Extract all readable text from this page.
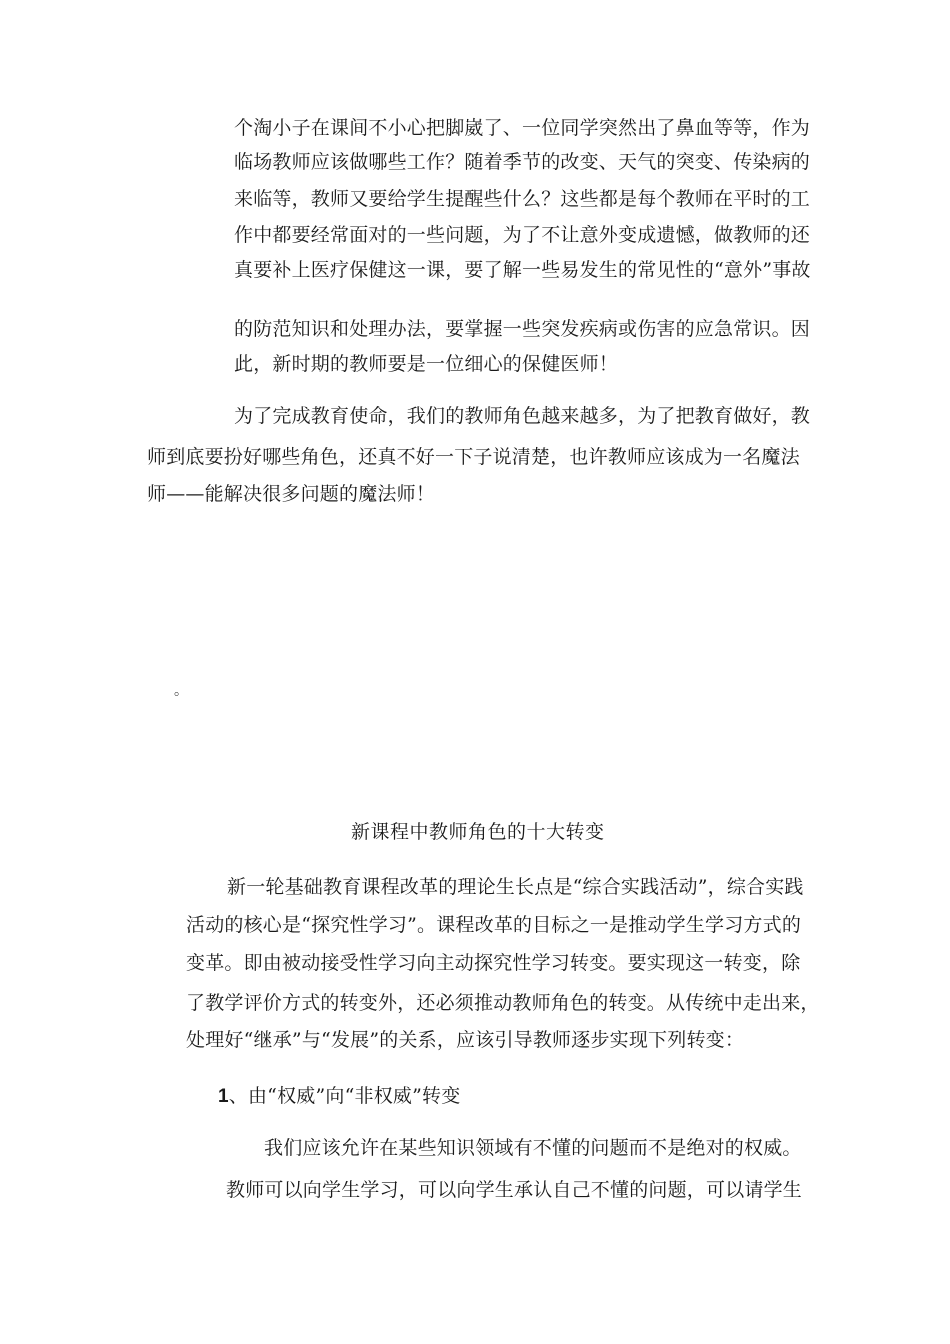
个淘小子在课间不小心把脚崴了、一位同学突然出了鼻血等等，作为
临场教师应该做哪些工作？随着季节的改变、天气的突变、传染病的
来临等，教师又要给学生提醒些什么？这些都是每个教师在平时的工
作中都要经常面对的一些问题，为了不让意外变成遗憾，做教师的还
真要补上医疗保健这一课，要了解一些易发生的常见性的“意外”事故
的防范知识和处理办法，要掌握一些突发疾病或伤害的应急常识。因
此，新时期的教师要是一位细心的保健医师！
为了完成教育使命，我们的教师角色越来越多，为了把教育做好，教
师到底要扮好哪些角色，还真不好一下子说清楚，也许教师应该成为一名魔法
师——能解决很多问题的魔法师！
。
新课程中教师角色的十大转变
新一轮基础教育课程改革的理论生长点是“综合实践活动”，综合实践
活动的核心是“探究性学习”。课程改革的目标之一是推动学生学习方式的
变革。即由被动接受性学习向主动探究性学习转变。要实现这一转变，除
了教学评价方式的转变外，还必须推动教师角色的转变。从传统中走出来，
处理好“继承”与“发展”的关系，应该引导教师逐步实现下列转变：
1、由“权威”向“非权威”转变
我们应该允许在某些知识领域有不懂的问题而不是绝对的权威。
教师可以向学生学习，可以向学生承认自己不懂的问题，可以请学生
